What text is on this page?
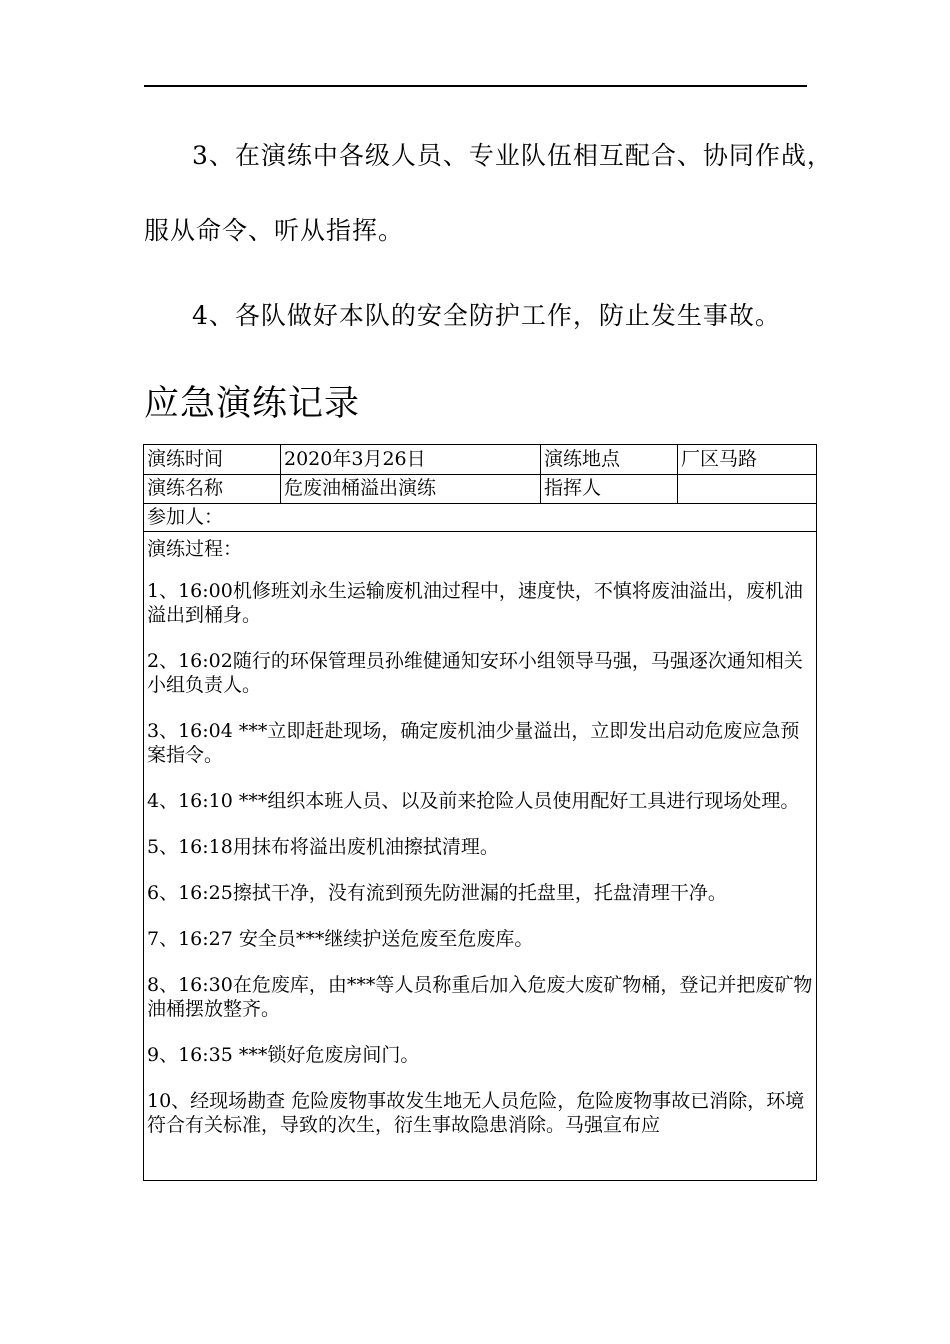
3、在演练中各级人员、专业队伍相互配合、协同作战，
服从命令、听从指挥。
4、各队做好本队的安全防护工作，防止发生事故。
应急演练记录
演练时间	2020年3月26日	演练地点	厂区马路
演练名称	危废油桶溢出演练	指挥人
参加人：
演练过程：
1、16:00机修班刘永生运输废机油过程中，速度快，不慎将废油溢出，废机油溢出到桶身。
2、16:02随行的环保管理员孙维健通知安环小组领导马强，马强逐次通知相关小组负责人。
3、16:04 ***立即赶赴现场，确定废机油少量溢出，立即发出启动危废应急预案指令。
4、16:10 ***组织本班人员、以及前来抢险人员使用配好工具进行现场处理。
5、16:18用抹布将溢出废机油擦拭清理。
6、16:25擦拭干净，没有流到预先防泄漏的托盘里，托盘清理干净。
7、16:27 安全员***继续护送危废至危废库。
8、16:30在危废库，由***等人员称重后加入危废大废矿物桶，登记并把废矿物油桶摆放整齐。
9、16:35 ***锁好危废房间门。
10、经现场勘查 危险废物事故发生地无人员危险，危险废物事故已消除，环境符合有关标准，导致的次生，衍生事故隐患消除。马强宣布应
